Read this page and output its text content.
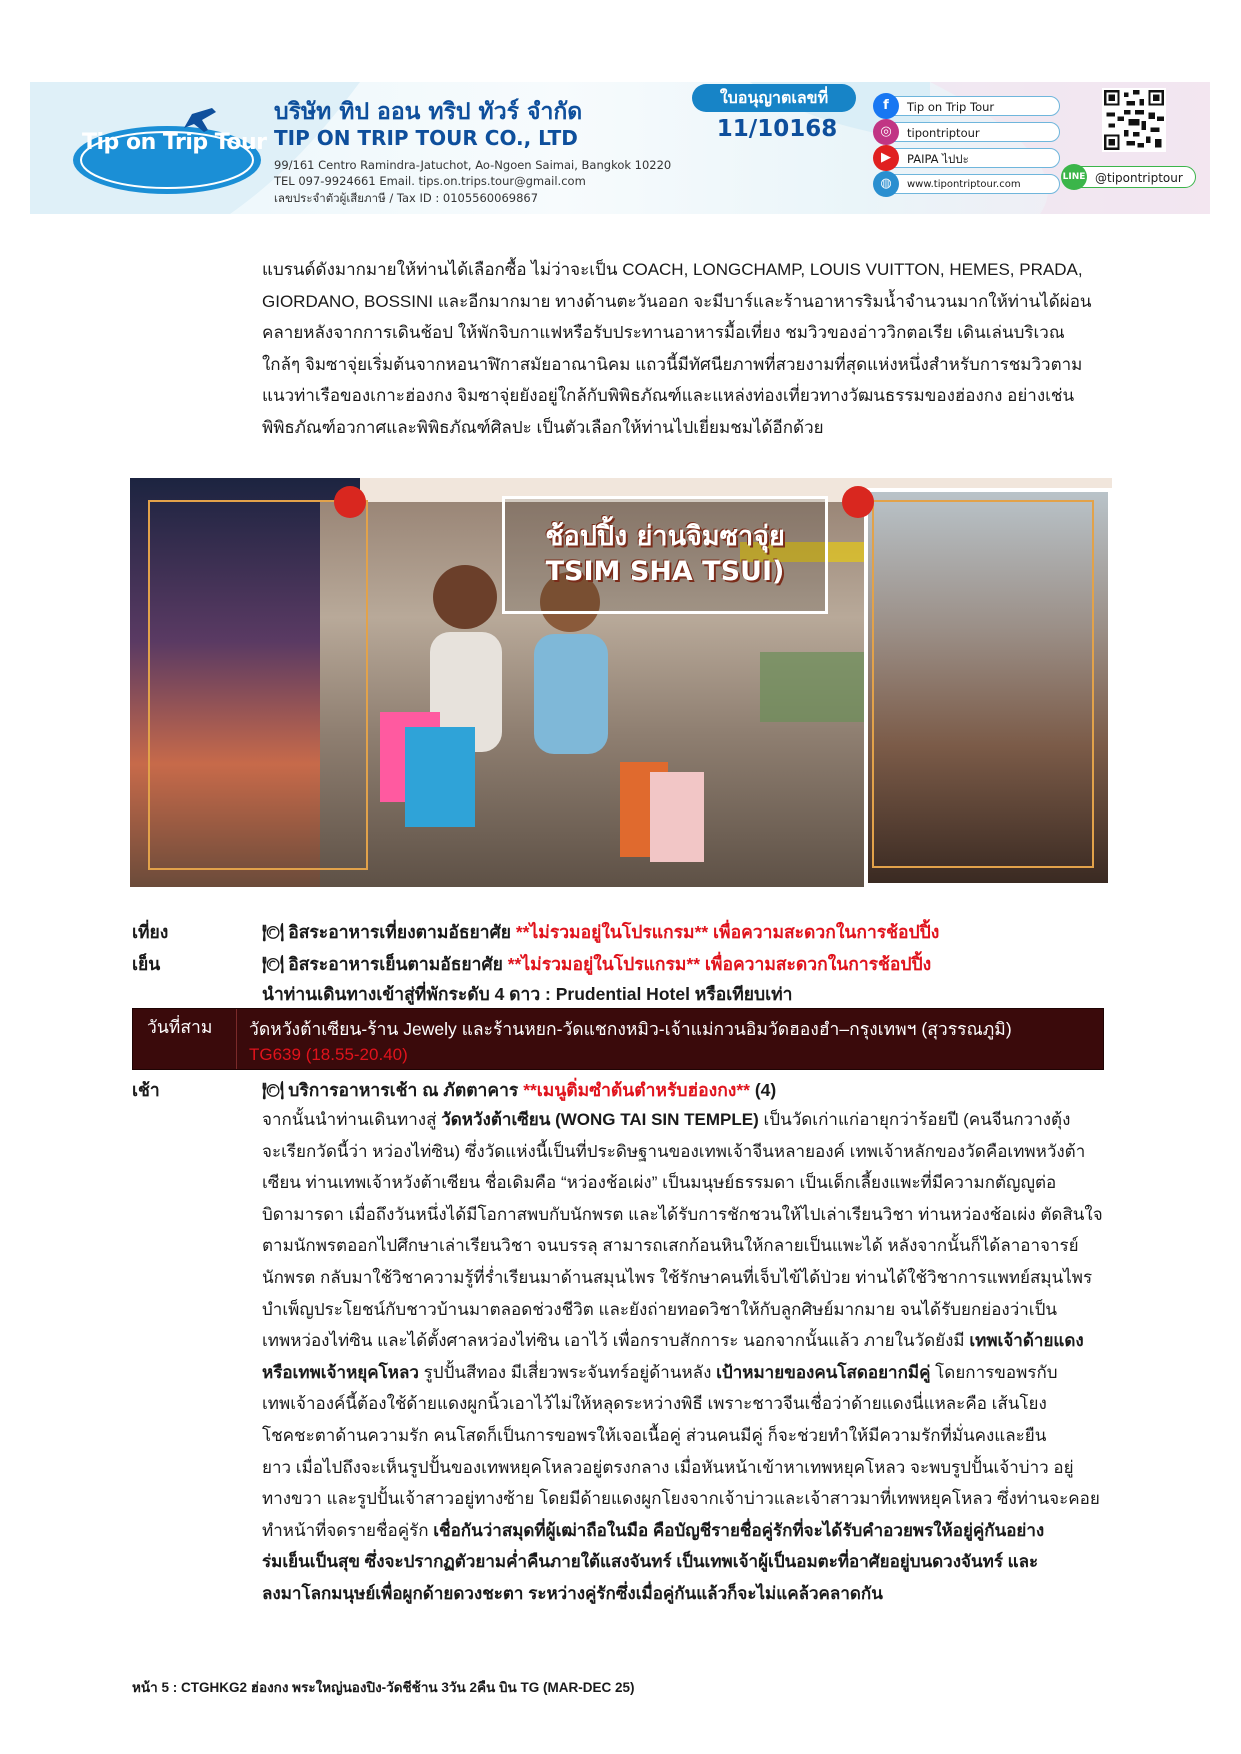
Tip on Trip Tour
บริษัท ทิป ออน ทริป ทัวร์ จำกัด
TIP ON TRIP TOUR CO., LTD
99/161 Centro Ramindra-Jatuchot, Ao-Ngoen Saimai, Bangkok 10220
TEL 097-9924661 Email. tips.on.trips.tour@gmail.com
เลขประจำตัวผู้เสียภาษี / Tax ID : 0105560069867
ใบอนุญาตเลขที่
11/10168
f	Tip on Trip Tour
◎	tipontriptour
▶	PAIPA ไปปะ
◍	www.tipontriptour.com
LINE @tipontriptour
แบรนด์ดังมากมายให้ท่านได้เลือกซื้อ ไม่ว่าจะเป็น COACH, LONGCHAMP, LOUIS VUITTON, HEMES, PRADA,
GIORDANO, BOSSINI และอีกมากมาย ทางด้านตะวันออก จะมีบาร์และร้านอาหารริมน้ำจำนวนมากให้ท่านได้ผ่อน
คลายหลังจากการเดินช้อป ให้พักจิบกาแฟหรือรับประทานอาหารมื้อเที่ยง ชมวิวของอ่าววิกตอเรีย เดินเล่นบริเวณ
ใกล้ๆ จิมซาจุ่ยเริ่มต้นจากหอนาฬิกาสมัยอาณานิคม แถวนี้มีทัศนียภาพที่สวยงามที่สุดแห่งหนึ่งสำหรับการชมวิวตาม
แนวท่าเรือของเกาะฮ่องกง จิมซาจุ่ยยังอยู่ใกล้กับพิพิธภัณฑ์และแหล่งท่องเที่ยวทางวัฒนธรรมของฮ่องกง อย่างเช่น
พิพิธภัณฑ์อวกาศและพิพิธภัณฑ์ศิลปะ เป็นตัวเลือกให้ท่านไปเยี่ยมชมได้อีกด้วย
ช้อปปิ้ง ย่านจิมซาจุ่ย
TSIM SHA TSUI)
เที่ยง	🍽 อิสระอาหารเที่ยงตามอัธยาศัย **ไม่รวมอยู่ในโปรแกรม** เพื่อความสะดวกในการช้อปปิ้ง
เย็น	🍽 อิสระอาหารเย็นตามอัธยาศัย **ไม่รวมอยู่ในโปรแกรม** เพื่อความสะดวกในการช้อปปิ้ง
นำท่านเดินทางเข้าสู่ที่พักระดับ 4 ดาว : Prudential Hotel หรือเทียบเท่า
วันที่สาม	วัดหวังต้าเซียน-ร้าน Jewely และร้านหยก-วัดแชกงหมิว-เจ้าแม่กวนอิมวัดฮองฮำ–กรุงเทพฯ (สุวรรณภูมิ)
TG639 (18.55-20.40)
เช้า	🍽 บริการอาหารเช้า ณ ภัตตาคาร **เมนูติ่มซำต้นตำหรับฮ่องกง** (4)
จากนั้นนำท่านเดินทางสู่ วัดหวังต้าเซียน (WONG TAI SIN TEMPLE) เป็นวัดเก่าแก่อายุกว่าร้อยปี (คนจีนกวางตุ้ง
จะเรียกวัดนี้ว่า หว่องไท่ซิน) ซึ่งวัดแห่งนี้เป็นที่ประดิษฐานของเทพเจ้าจีนหลายองค์ เทพเจ้าหลักของวัดคือเทพหวังต้า
เซียน ท่านเทพเจ้าหวังต้าเซียน ชื่อเดิมคือ “หว่องช้อเผ่ง” เป็นมนุษย์ธรรมดา เป็นเด็กเลี้ยงแพะที่มีความกตัญญูต่อ
บิดามารดา เมื่อถึงวันหนึ่งได้มีโอกาสพบกับนักพรต และได้รับการชักชวนให้ไปเล่าเรียนวิชา ท่านหว่องช้อเผ่ง ตัดสินใจ
ตามนักพรตออกไปศึกษาเล่าเรียนวิชา จนบรรลุ สามารถเสกก้อนหินให้กลายเป็นแพะได้ หลังจากนั้นก็ได้ลาอาจารย์
นักพรต กลับมาใช้วิชาความรู้ที่ร่ำเรียนมาด้านสมุนไพร ใช้รักษาคนที่เจ็บไข้ได้ป่วย ท่านได้ใช้วิชาการแพทย์สมุนไพร
บำเพ็ญประโยชน์กับชาวบ้านมาตลอดช่วงชีวิต และยังถ่ายทอดวิชาให้กับลูกศิษย์มากมาย จนได้รับยกย่องว่าเป็น
เทพหว่องไท่ซิน และได้ตั้งศาลหว่องไท่ซิน เอาไว้ เพื่อกราบสักการะ นอกจากนั้นแล้ว ภายในวัดยังมี เทพเจ้าด้ายแดง
หรือเทพเจ้าหยุคโหลว รูปปั้นสีทอง มีเสี่ยวพระจันทร์อยู่ด้านหลัง เป้าหมายของคนโสดอยากมีคู่ โดยการขอพรกับ
เทพเจ้าองค์นี้ต้องใช้ด้ายแดงผูกนิ้วเอาไว้ไม่ให้หลุดระหว่างพิธี เพราะชาวจีนเชื่อว่าด้ายแดงนี่แหละคือ เส้นโยง
โชคชะตาด้านความรัก คนโสดก็เป็นการขอพรให้เจอเนื้อคู่ ส่วนคนมีคู่ ก็จะช่วยทำให้มีความรักที่มั่นคงและยืน
ยาว เมื่อไปถึงจะเห็นรูปปั้นของเทพหยุคโหลวอยู่ตรงกลาง เมื่อหันหน้าเข้าหาเทพหยุคโหลว จะพบรูปปั้นเจ้าบ่าว อยู่
ทางขวา และรูปปั้นเจ้าสาวอยู่ทางซ้าย โดยมีด้ายแดงผูกโยงจากเจ้าบ่าวและเจ้าสาวมาที่เทพหยุคโหลว ซึ่งท่านจะคอย
ทำหน้าที่จดรายชื่อคู่รัก เชื่อกันว่าสมุดที่ผู้เฒ่าถือในมือ คือบัญชีรายชื่อคู่รักที่จะได้รับคำอวยพรให้อยู่คู่กันอย่าง
ร่มเย็นเป็นสุข ซึ่งจะปรากฏตัวยามค่ำคืนภายใต้แสงจันทร์ เป็นเทพเจ้าผู้เป็นอมตะที่อาศัยอยู่บนดวงจันทร์ และ
ลงมาโลกมนุษย์เพื่อผูกด้ายดวงชะตา ระหว่างคู่รักซึ่งเมื่อคู่กันแล้วก็จะไม่แคล้วคลาดกัน
หน้า 5 : CTGHKG2 ฮ่องกง พระใหญ่นองปิง-วัดชีช้าน 3วัน 2คืน บิน TG (MAR-DEC 25)
